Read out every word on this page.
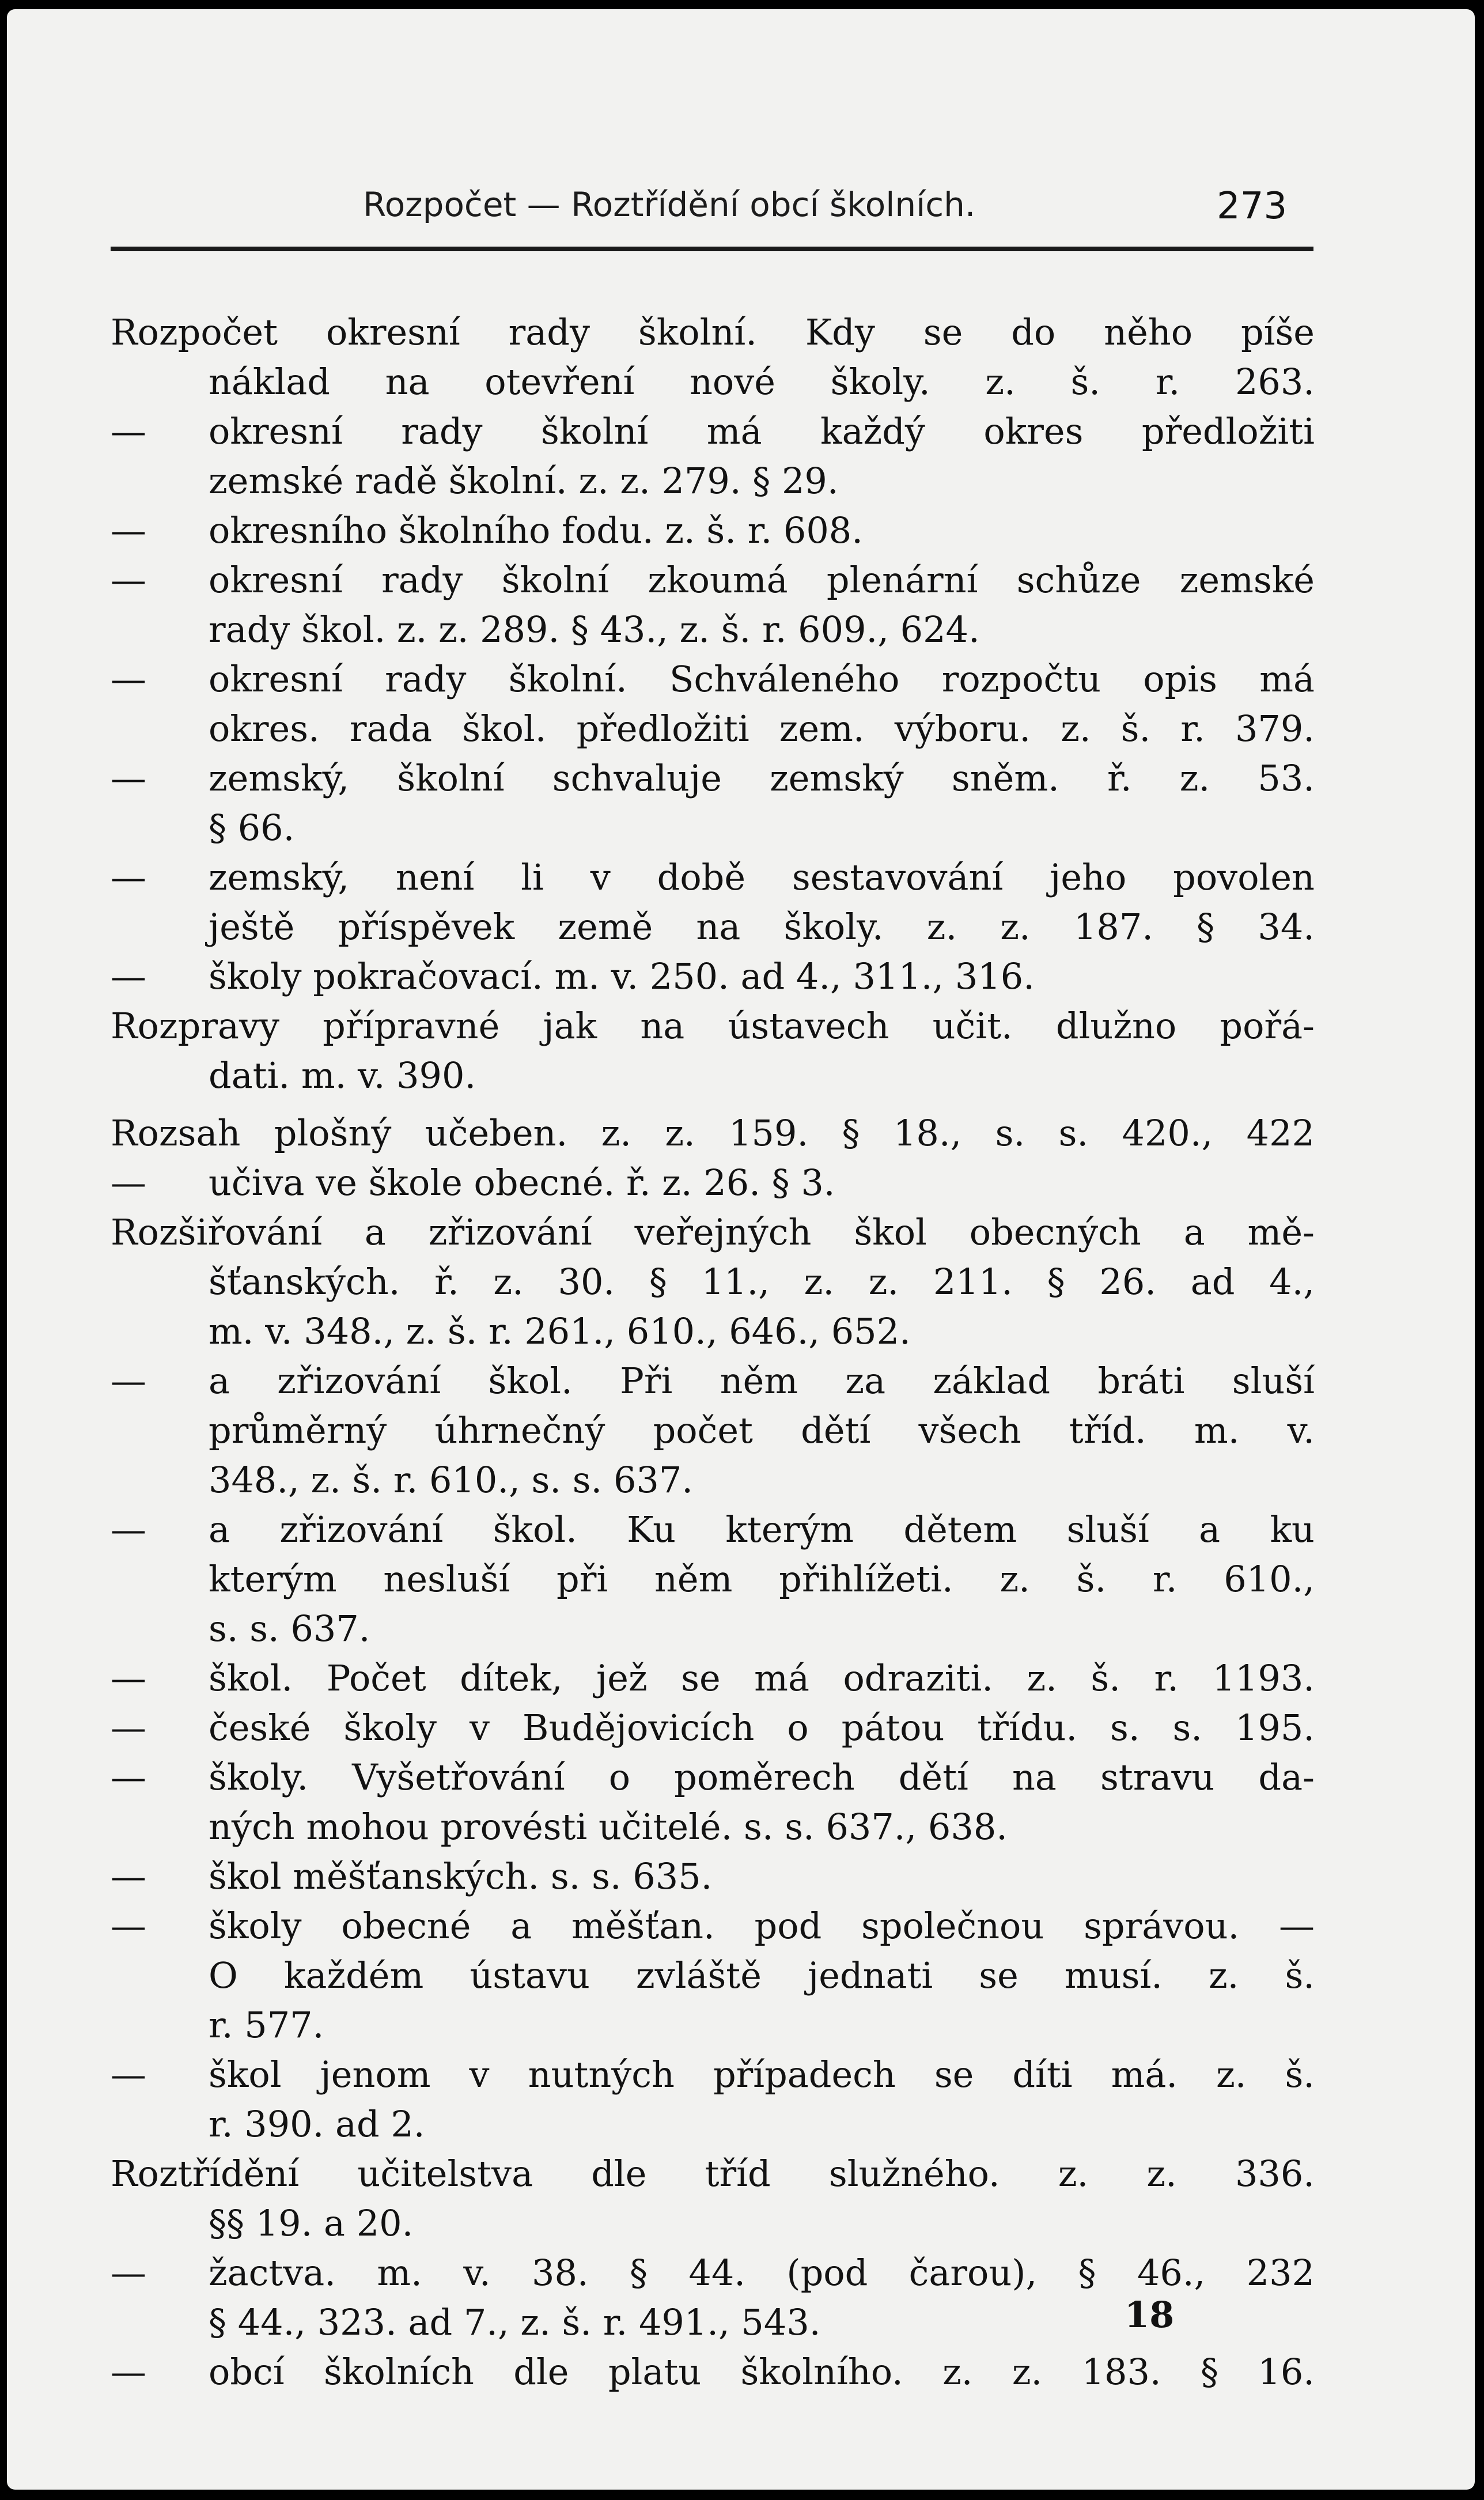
Rozpočet — Roztřídění obcí školních.	273
Rozpočet okresní rady školní. Kdy se do něho píše
náklad na otevření nové školy. z. š. r. 263.
—	okresní rady školní má každý okres předložiti
zemské radě školní. z. z. 279. § 29.
—	okresního školního fodu. z. š. r. 608.
—	okresní rady školní zkoumá plenární schůze zemské
rady škol. z. z. 289. § 43., z. š. r. 609., 624.
—	okresní rady školní. Schváleného rozpočtu opis má
okres. rada škol. předložiti zem. výboru. z. š. r. 379.
—	zemský, školní schvaluje zemský sněm. ř. z. 53.
§ 66.
—	zemský, není li v době sestavování jeho povolen
ještě příspěvek země na školy. z. z. 187. § 34.
—	školy pokračovací. m. v. 250. ad 4., 311., 316.
Rozpravy přípravné jak na ústavech učit. dlužno pořá-
dati. m. v. 390.
Rozsah plošný učeben. z. z. 159. § 18., s. s. 420., 422
—	učiva ve škole obecné. ř. z. 26. § 3.
Rozšiřování a zřizování veřejných škol obecných a mě-
šťanských. ř. z. 30. § 11., z. z. 211. § 26. ad 4.,
m. v. 348., z. š. r. 261., 610., 646., 652.
—	a zřizování škol. Při něm za základ bráti sluší
průměrný úhrnečný počet dětí všech tříd. m. v.
348., z. š. r. 610., s. s. 637.
—	a zřizování škol. Ku kterým dětem sluší a ku
kterým nesluší při něm přihlížeti. z. š. r. 610.,
s. s. 637.
—	škol. Počet dítek, jež se má odraziti. z. š. r. 1193.
—	české školy v Budějovicích o pátou třídu. s. s. 195.
—	školy. Vyšetřování o poměrech dětí na stravu da-
ných mohou provésti učitelé. s. s. 637., 638.
—	škol měšťanských. s. s. 635.
—	školy obecné a měšťan. pod společnou správou. —
O každém ústavu zvláště jednati se musí. z. š.
r. 577.
—	škol jenom v nutných případech se díti má. z. š.
r. 390. ad 2.
Roztřídění učitelstva dle tříd služného. z. z. 336.
§§ 19. a 20.
—	žactva. m. v. 38. § 44. (pod čarou), § 46., 232
§ 44., 323. ad 7., z. š. r. 491., 543.
—	obcí školních dle platu školního. z. z. 183. § 16.
18
